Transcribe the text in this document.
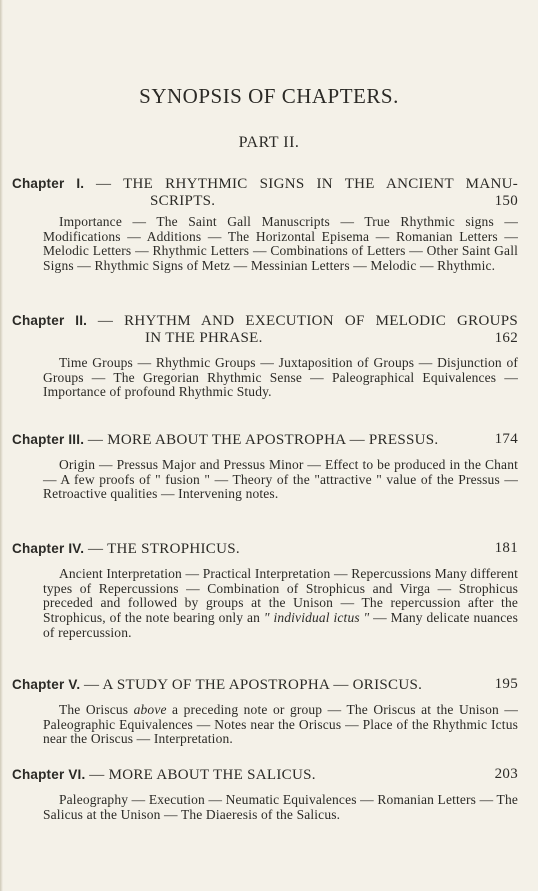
SYNOPSIS OF CHAPTERS.
PART II.
Chapter I. — THE RHYTHMIC SIGNS IN THE ANCIENT MANU-
SCRIPTS.	150
Importance — The Saint Gall Manuscripts — True Rhythmic signs — Modifications — Additions — The Horizontal Episema — Romanian Letters — Melodic Letters — Rhythmic Letters — Combinations of Letters — Other Saint Gall Signs — Rhythmic Signs of Metz — Messinian Letters — Melodic — Rhythmic.
Chapter II. — RHYTHM AND EXECUTION OF MELODIC GROUPS
IN THE PHRASE.	162
Time Groups — Rhythmic Groups — Juxtaposition of Groups — Disjunction of Groups — The Gregorian Rhythmic Sense — Paleographical Equivalences — Importance of profound Rhythmic Study.
Chapter III. — MORE ABOUT THE APOSTROPHA — PRESSUS.	174
Origin — Pressus Major and Pressus Minor — Effect to be produced in the Chant — A few proofs of " fusion " — Theory of the "attractive " value of the Pressus — Retroactive qualities — Intervening notes.
Chapter IV. — THE STROPHICUS.	181
Ancient Interpretation — Practical Interpretation — Repercussions Many different types of Repercussions — Combination of Strophicus and Virga — Strophicus preceded and followed by groups at the Unison — The repercussion after the Strophicus, of the note bearing only an " individual ictus " — Many delicate nuances of repercussion.
Chapter V. — A STUDY OF THE APOSTROPHA — ORISCUS.	195
The Oriscus above a preceding note or group — The Oriscus at the Unison — Paleographic Equivalences — Notes near the Oriscus — Place of the Rhythmic Ictus near the Oriscus — Interpretation.
Chapter VI. — MORE ABOUT THE SALICUS.	203
Paleography — Execution — Neumatic Equivalences — Romanian Letters — The Salicus at the Unison — The Diaeresis of the Salicus.
